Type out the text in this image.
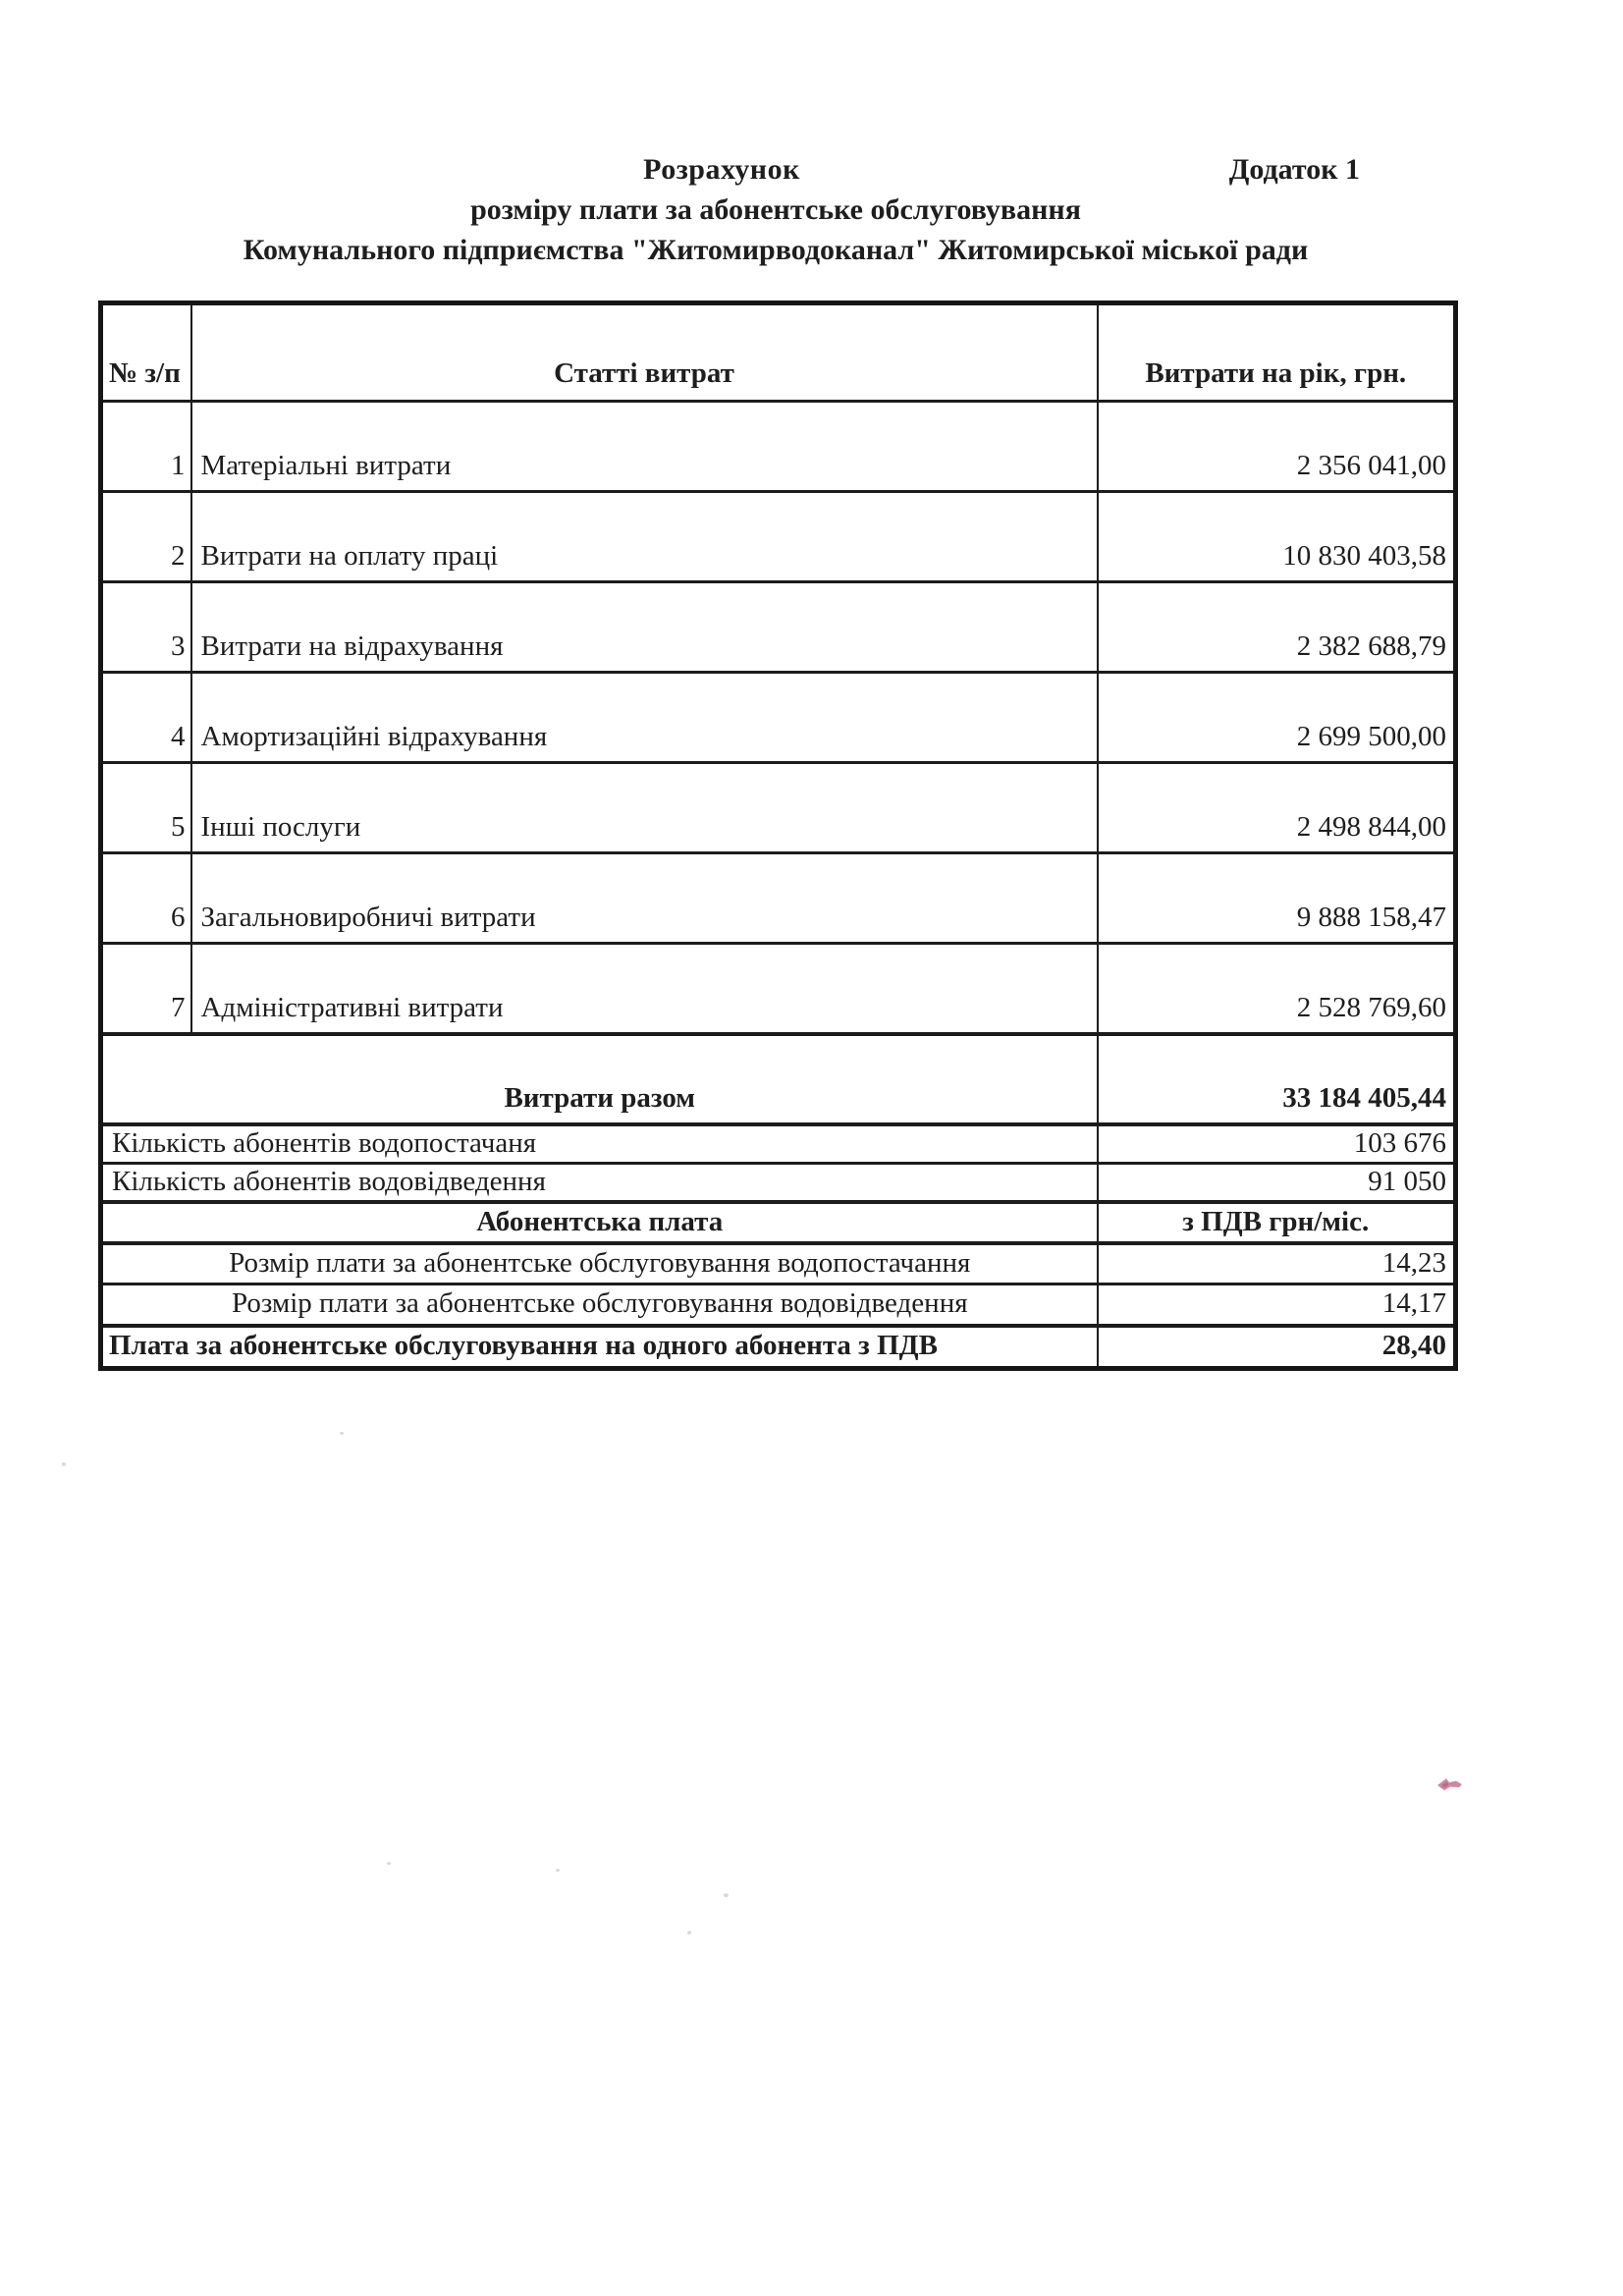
Додаток 1
Розрахунок
розміру плати за абонентське обслуговування
Комунального підприємства "Житомирводоканал" Житомирської міської ради
№ з/п	Статті витрат	Витрати на рік, грн.
1	Матеріальні витрати	2 356 041,00
2	Витрати на оплату праці	10 830 403,58
3	Витрати на відрахування	2 382 688,79
4	Амортизаційні відрахування	2 699 500,00
5	Інші послуги	2 498 844,00
6	Загальновиробничі витрати	9 888 158,47
7	Адміністративні витрати	2 528 769,60
Витрати разом		33 184 405,44
Кількість абонентів водопостачаня		103 676
Кількість абонентів водовідведення		91 050
Абонентська плата		з ПДВ грн/міс.
Розмір плати за абонентське обслуговування водопостачання		14,23
Розмір плати за абонентське обслуговування водовідведення		14,17
Плата за абонентське обслуговування на одного абонента з ПДВ		28,40
